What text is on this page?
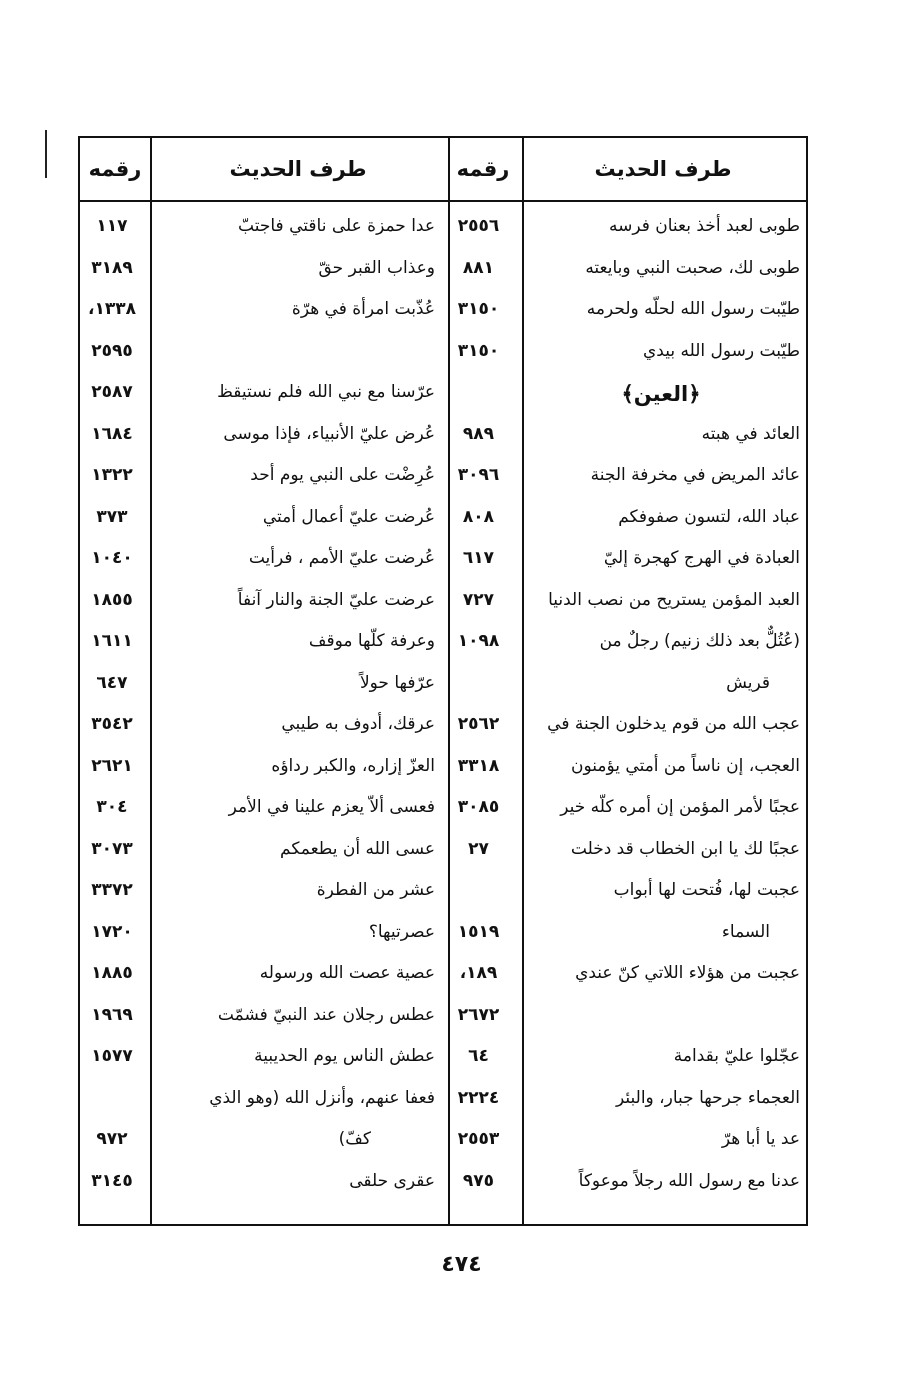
طرف الحديث
رقمه
طرف الحديث
رقمه
طوبى لعبد أخذ بعنان فرسه
٢٥٥٦
عدا حمزة على ناقتي فاجتبّ
١١٧
طوبى لك، صحبت النبي وبايعته
٨٨١
وعذاب القبر حقّ
٣١٨٩
طيّبت رسول الله لحلّه ولحرمه
٣١٥٠
عُذّبت امرأة في هرّة
١٣٣٨،
طيّبت رسول الله بيدي
٣١٥٠
٢٥٩٥
﴿العين﴾
عرّسنا مع نبي الله فلم نستيقظ
٢٥٨٧
العائد في هبته
٩٨٩
عُرض عليّ الأنبياء، فإذا موسى
١٦٨٤
عائد المريض في مخرفة الجنة
٣٠٩٦
عُرِضْت على النبي يوم أحد
١٣٢٢
عباد الله، لتسون صفوفكم
٨٠٨
عُرضت عليّ أعمال أمتي
٣٧٣
العبادة في الهرج كهجرة إليّ
٦١٧
عُرضت عليّ الأمم ، فرأيت
١٠٤٠
العبد المؤمن يستريح من نصب الدنيا
٧٢٧
عرضت عليّ الجنة والنار آنفاً
١٨٥٥
(عُتُلٌّ بعد ذلك زنيم) رجلٌ من
١٠٩٨
وعرفة كلّها موقف
١٦١١
قريش
عرّفها حولاً
٦٤٧
عجب الله من قوم يدخلون الجنة في
٢٥٦٢
عرقك، أدوف به طيبي
٣٥٤٢
العجب، إن ناساً من أمتي يؤمنون
٣٣١٨
العزّ إزاره، والكبر رداؤه
٢٦٢١
عجبًا لأمر المؤمن إن أمره كلّه خير
٣٠٨٥
فعسى ألاّ يعزم علينا في الأمر
٣٠٤
عجبًا لك يا ابن الخطاب قد دخلت
٢٧
عسى الله أن يطعمكم
٣٠٧٣
عجبت لها، فُتحت لها أبواب
عشر من الفطرة
٣٣٧٢
السماء
١٥١٩
عصرتيها؟
١٧٢٠
عجبت من هؤلاء اللاتي كنّ عندي
١٨٩،
عصية عصت الله ورسوله
١٨٨٥
٢٦٧٢
عطس رجلان عند النبيّ فشمّت
١٩٦٩
عجّلوا عليّ بقدامة
٦٤
عطش الناس يوم الحديبية
١٥٧٧
العجماء جرحها جبار، والبئر
٢٢٢٤
فعفا عنهم، وأنزل الله (وهو الذي
عد يا أبا هرّ
٢٥٥٣
كفّ)
٩٧٢
عدنا مع رسول الله رجلاً موعوكاً
٩٧٥
عقرى حلقى
٣١٤٥
٤٧٤
